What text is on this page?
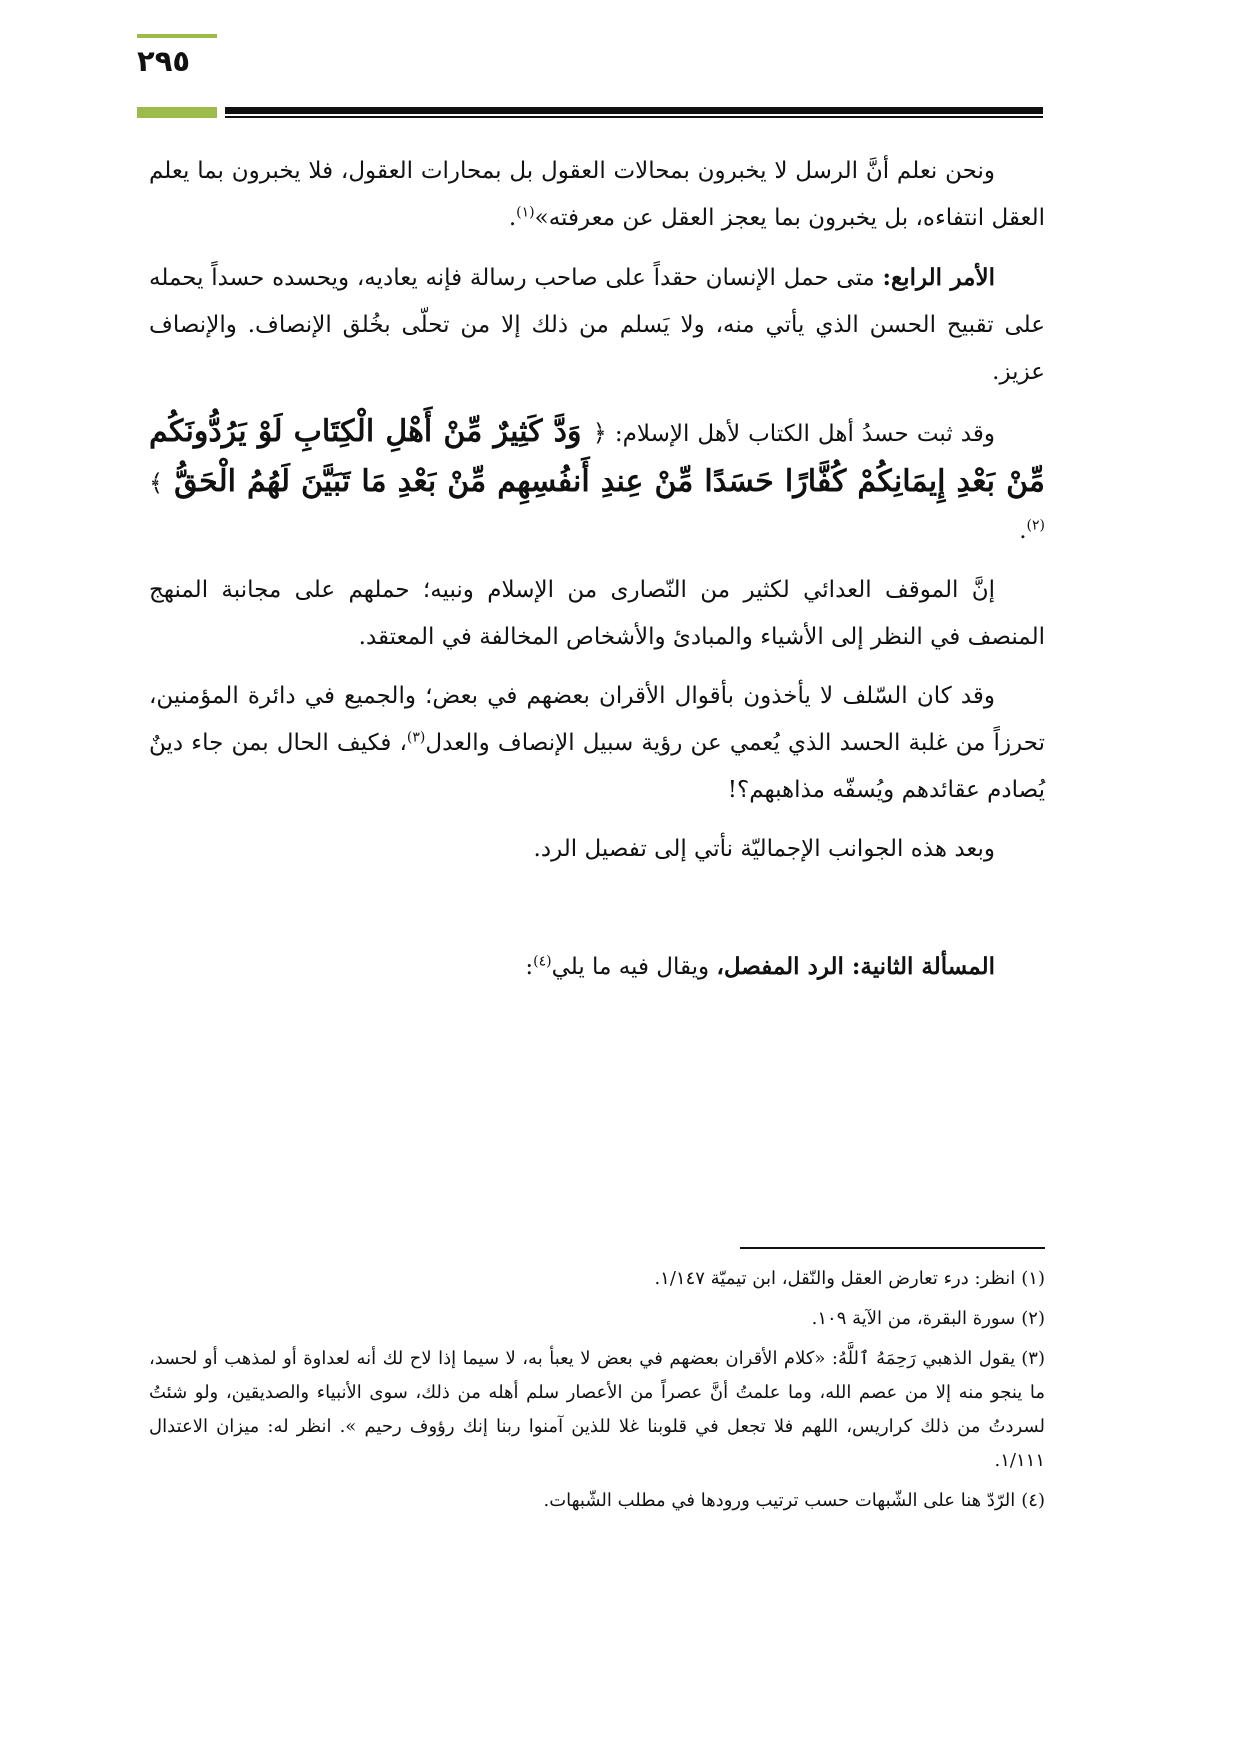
٢٩٥

ونحن نعلم أنَّ الرسل لا يخبرون بمحالات العقول بل بمحارات العقول، فلا يخبرون بما يعلم العقل انتفاءه، بل يخبرون بما يعجز العقل عن معرفته»$^{(١)}$.

الأمر الرابع: متى حمل الإنسان حقداً على صاحب رسالة فإنه يعاديه، ويحسده حسداً يحمله على تقبيح الحسن الذي يأتي منه، ولا يَسلم من ذلك إلا من تحلّى بخُلق الإنصاف. والإنصاف عزيز.

وقد ثبت حسدُ أهل الكتاب لأهل الإسلام: ﴿ وَدَّ كَثِيرٌ مِّنْ أَهْلِ الْكِتَابِ لَوْ يَرُدُّونَكُم مِّنْ بَعْدِ إِيمَانِكُمْ كُفَّارًا حَسَدًا مِّنْ عِندِ أَنفُسِهِم مِّنْ بَعْدِ مَا تَبَيَّنَ لَهُمُ الْحَقُّ ﴾$^{(٢)}$.

إنَّ الموقف العدائي لكثير من النّصارى من الإسلام ونبيه؛ حملهم على مجانبة المنهج المنصف في النظر إلى الأشياء والمبادئ والأشخاص المخالفة في المعتقد.

وقد كان السّلف لا يأخذون بأقوال الأقران بعضهم في بعض؛ والجميع في دائرة المؤمنين، تحرزاً من غلبة الحسد الذي يُعمي عن رؤية سبيل الإنصاف والعدل$^{(٣)}$، فكيف الحال بمن جاء دينٌ يُصادم عقائدهم ويُسفّه مذاهبهم؟!

وبعد هذه الجوانب الإجماليّة نأتي إلى تفصيل الرد.

المسألة الثانية: الرد المفصل، ويقال فيه ما يلي$^{(٤)}$:

(١)انظر: درء تعارض العقل والنّقل، ابن تيميّة ١/١٤٧.

(٢)سورة البقرة، من الآية ١٠٩.

(٣)يقول الذهبي رَحِمَهُ ٱللَّهُ: «كلام الأقران بعضهم في بعض لا يعبأ به، لا سيما إذا لاح لك أنه لعداوة أو لمذهب أو لحسد، ما ينجو منه إلا من عصم الله، وما علمتُ أنَّ عصراً من الأعصار سلم أهله من ذلك، سوى الأنبياء والصديقين، ولو شئتُ لسردتُ من ذلك كراريس، اللهم فلا تجعل في قلوبنا غلا للذين آمنوا ربنا إنك رؤوف رحيم ». انظر له: ميزان الاعتدال ١/١١١.

(٤)الرّدّ هنا على الشّبهات حسب ترتيب ورودها في مطلب الشّبهات.
